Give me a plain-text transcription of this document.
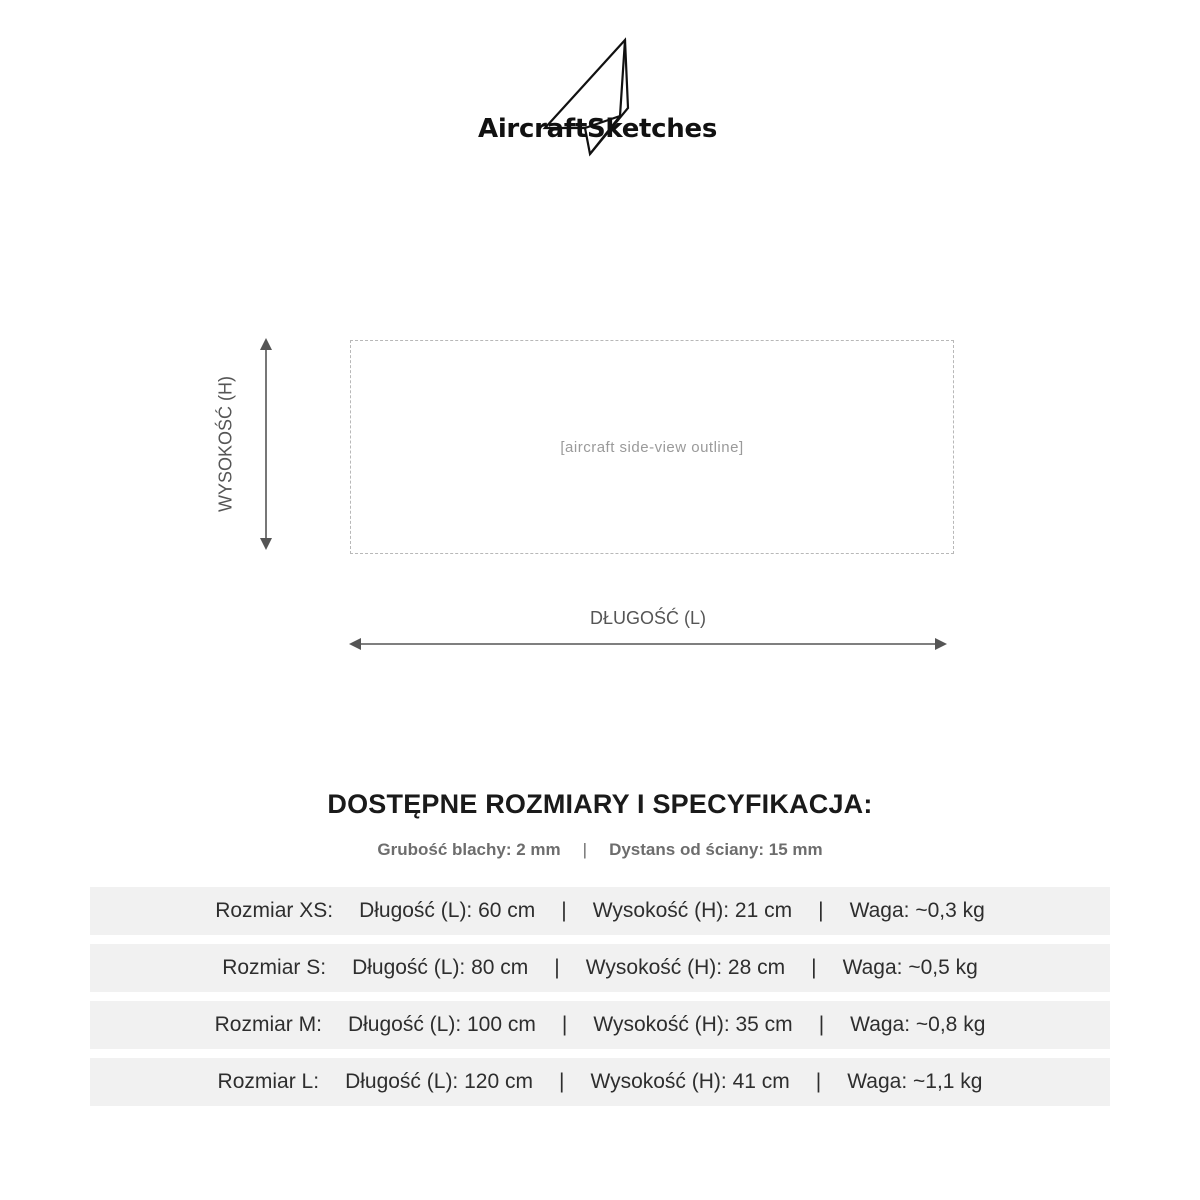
AircraftSketches
WYSOKOŚĆ (H)	[aircraft side-view outline]
DŁUGOŚĆ (L)
DOSTĘPNE ROZMIARY I SPECYFIKACJA:
Grubość blachy: 2 mm | Dystans od ściany: 15 mm
Rozmiar XS: Długość (L): 60 cm | Wysokość (H): 21 cm | Waga: ~0,3 kg
Rozmiar S: Długość (L): 80 cm | Wysokość (H): 28 cm | Waga: ~0,5 kg
Rozmiar M: Długość (L): 100 cm | Wysokość (H): 35 cm | Waga: ~0,8 kg
Rozmiar L: Długość (L): 120 cm | Wysokość (H): 41 cm | Waga: ~1,1 kg
